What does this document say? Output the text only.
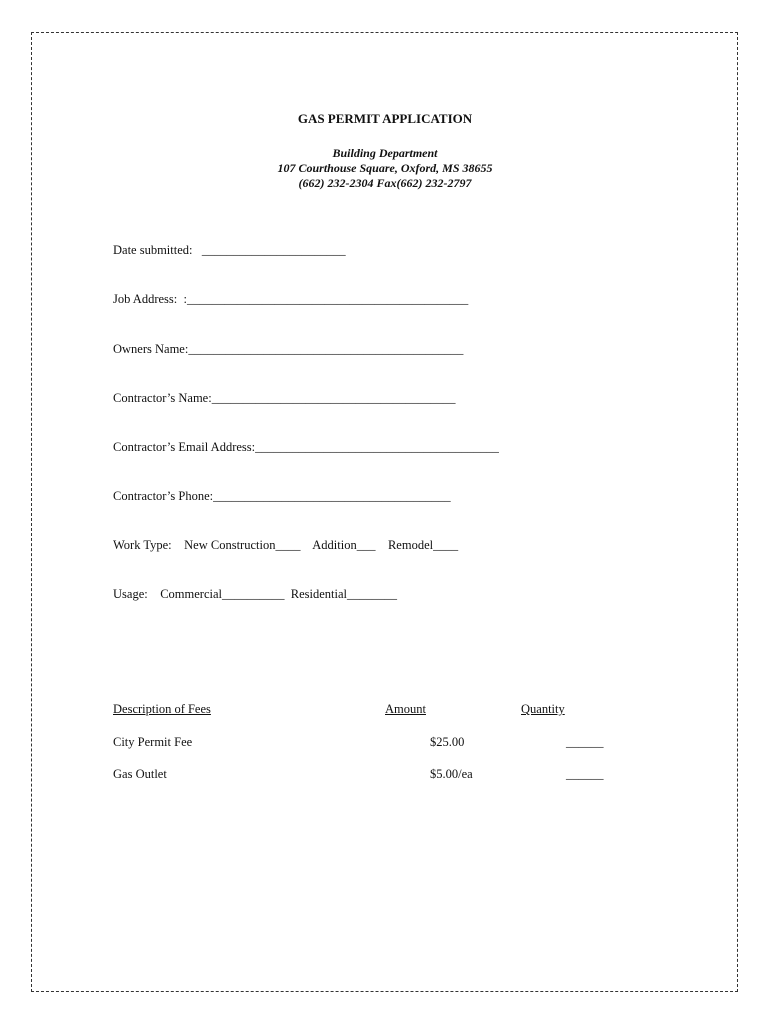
GAS PERMIT APPLICATION
Building Department
107 Courthouse Square, Oxford, MS 38655
(662) 232-2304 Fax(662) 232-2797
Date submitted:   _______________________
Job Address:  :_____________________________________________
Owners Name:____________________________________________
Contractor’s Name:_______________________________________
Contractor’s Email Address:_______________________________________
Contractor’s Phone:______________________________________
Work Type:    New Construction____    Addition___    Remodel____
Usage:    Commercial__________  Residential________
Description of Fees	Amount	Quantity
City Permit Fee	$25.00	______
Gas Outlet	$5.00/ea	______
